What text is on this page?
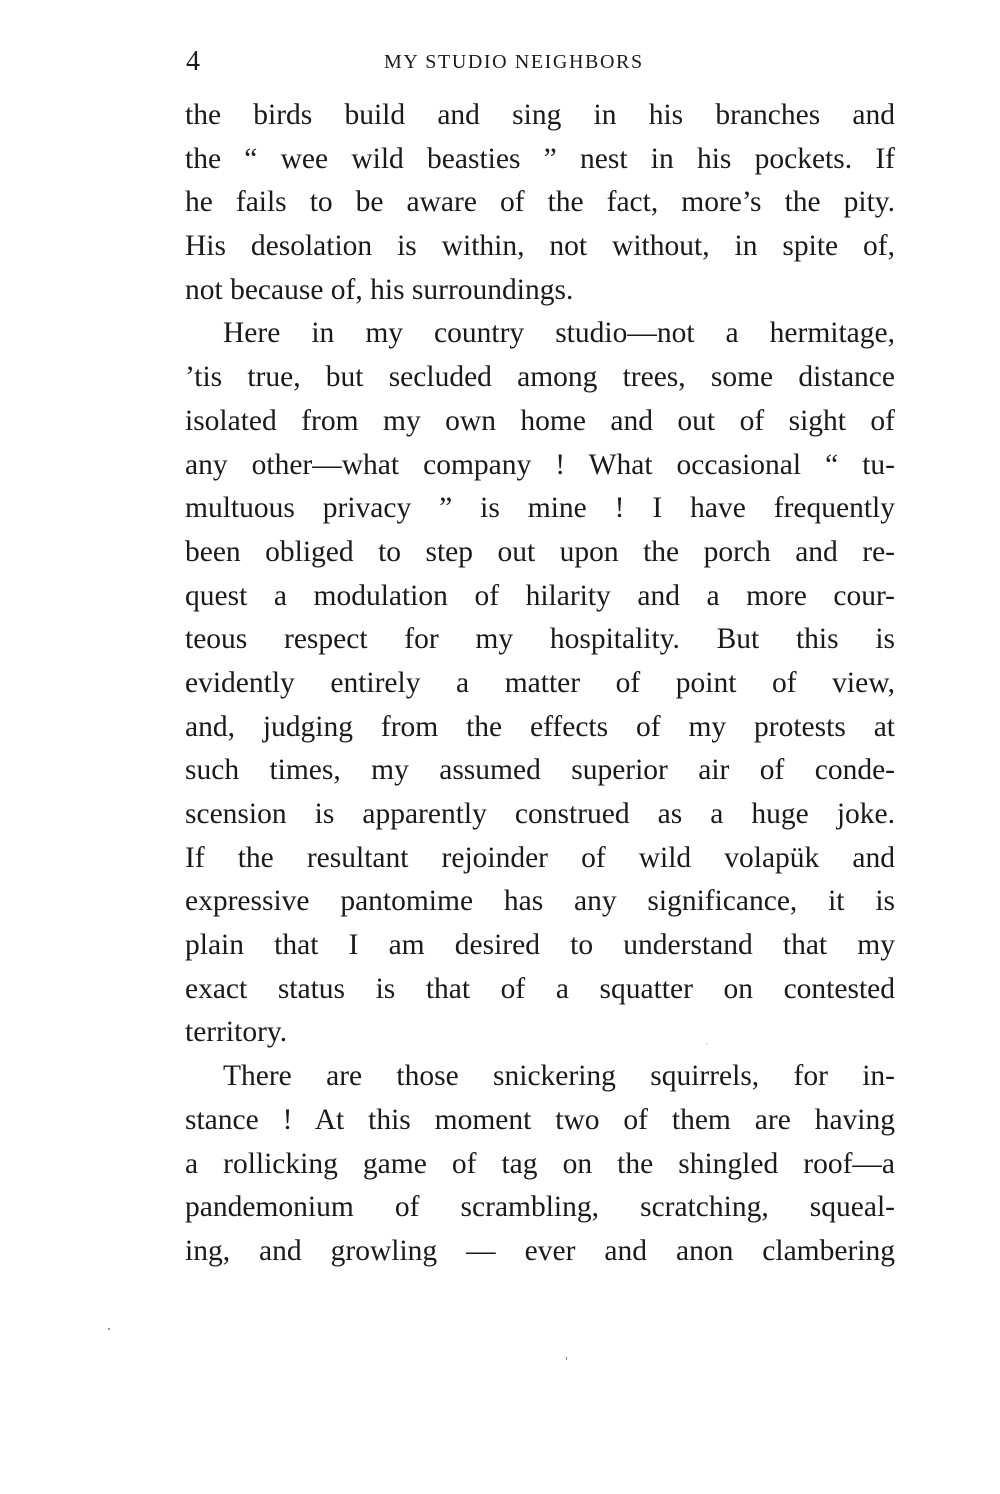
4	MY STUDIO NEIGHBORS
the birds build and sing in his branches and
the “ wee wild beasties ” nest in his pockets. If
he fails to be aware of the fact, more’s the pity.
His desolation is within, not without, in spite of,
not because of, his surroundings.
Here in my country studio—not a hermitage,
’tis true, but secluded among trees, some distance
isolated from my own home and out of sight of
any other—what company ! What occasional “ tu-
multuous privacy ” is mine ! I have frequently
been obliged to step out upon the porch and re-
quest a modulation of hilarity and a more cour-
teous respect for my hospitality. But this is
evidently entirely a matter of point of view,
and, judging from the effects of my protests at
such times, my assumed superior air of conde-
scension is apparently construed as a huge joke.
If the resultant rejoinder of wild volapük and
expressive pantomime has any significance, it is
plain that I am desired to understand that my
exact status is that of a squatter on contested
territory.
There are those snickering squirrels, for in-
stance ! At this moment two of them are having
a rollicking game of tag on the shingled roof—a
pandemonium of scrambling, scratching, squeal-
ing, and growling — ever and anon clambering
